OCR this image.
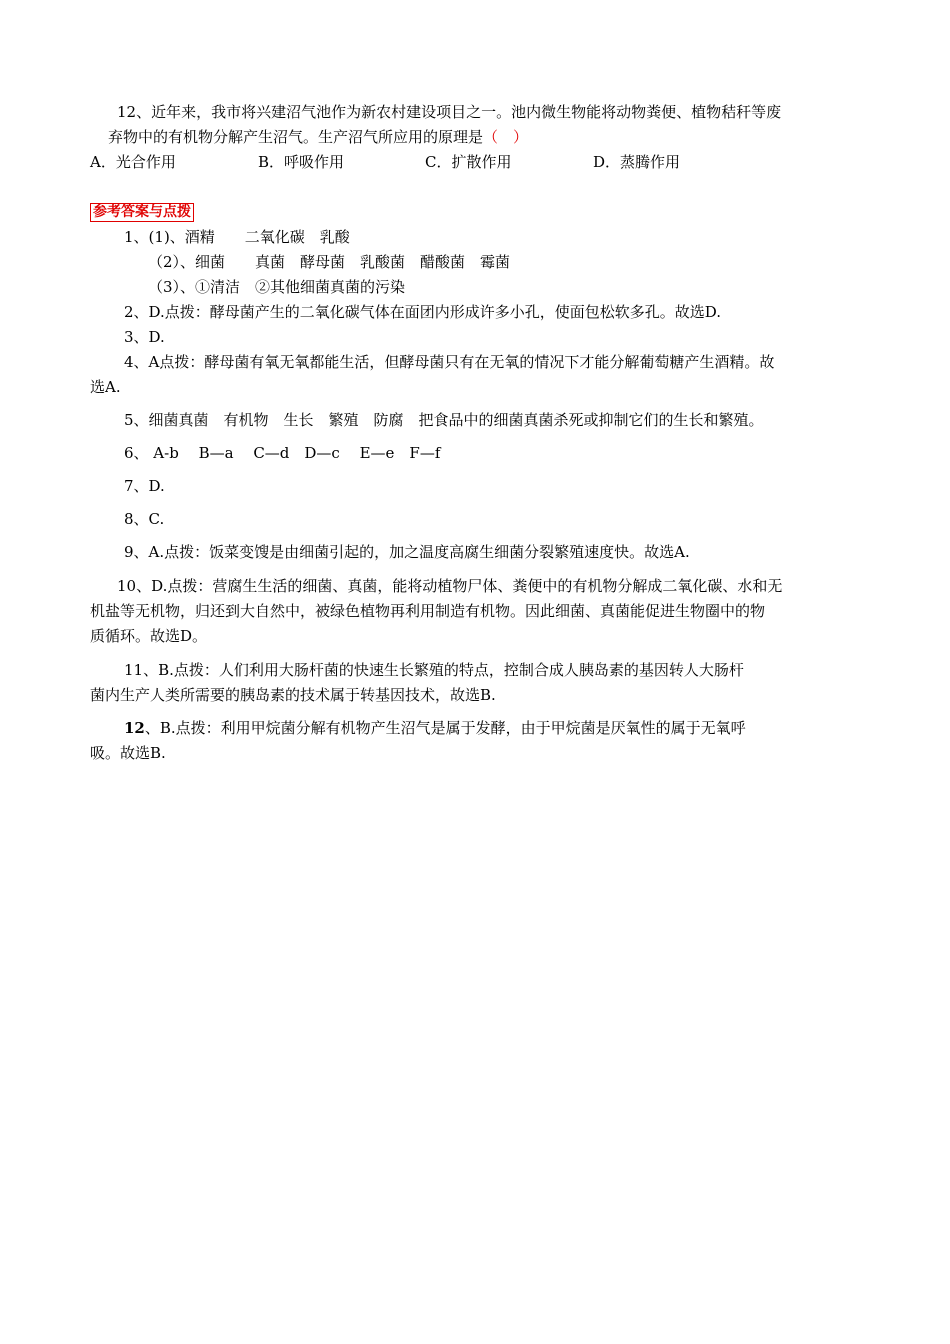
12、近年来，我市将兴建沼气池作为新农村建设项目之一。池内微生物能将动物粪便、植物秸秆等废
弃物中的有机物分解产生沼气。生产沼气所应用的原理是（　）
A．光合作用	B．呼吸作用	C．扩散作用	D．蒸腾作用
参考答案与点拨
1、(1)、酒精　　二氧化碳　乳酸
（2）、细菌　　真菌　酵母菌　乳酸菌　醋酸菌　霉菌
（3）、①清洁　②其他细菌真菌的污染
2、D.点拨：酵母菌产生的二氧化碳气体在面团内形成许多小孔，使面包松软多孔。故选D.
3、D.
4、A点拨：酵母菌有氧无氧都能生活，但酵母菌只有在无氧的情况下才能分解葡萄糖产生酒精。故
选A.
5、细菌真菌　有机物　生长　繁殖　防腐　把食品中的细菌真菌杀死或抑制它们的生长和繁殖。
6、 A-b　 B—a　 C—d　D—c　 E—e　F—f
7、D.
8、C.
9、A.点拨：饭菜变馊是由细菌引起的，加之温度高腐生细菌分裂繁殖速度快。故选A.
10、D.点拨：营腐生生活的细菌、真菌，能将动植物尸体、粪便中的有机物分解成二氧化碳、水和无
机盐等无机物，归还到大自然中，被绿色植物再利用制造有机物。因此细菌、真菌能促进生物圈中的物
质循环。故选D。
11、B.点拨：人们利用大肠杆菌的快速生长繁殖的特点，控制合成人胰岛素的基因转人大肠杆
菌内生产人类所需要的胰岛素的技术属于转基因技术，故选B.
12、B.点拨：利用甲烷菌分解有机物产生沼气是属于发酵，由于甲烷菌是厌氧性的属于无氧呼
吸。故选B.
